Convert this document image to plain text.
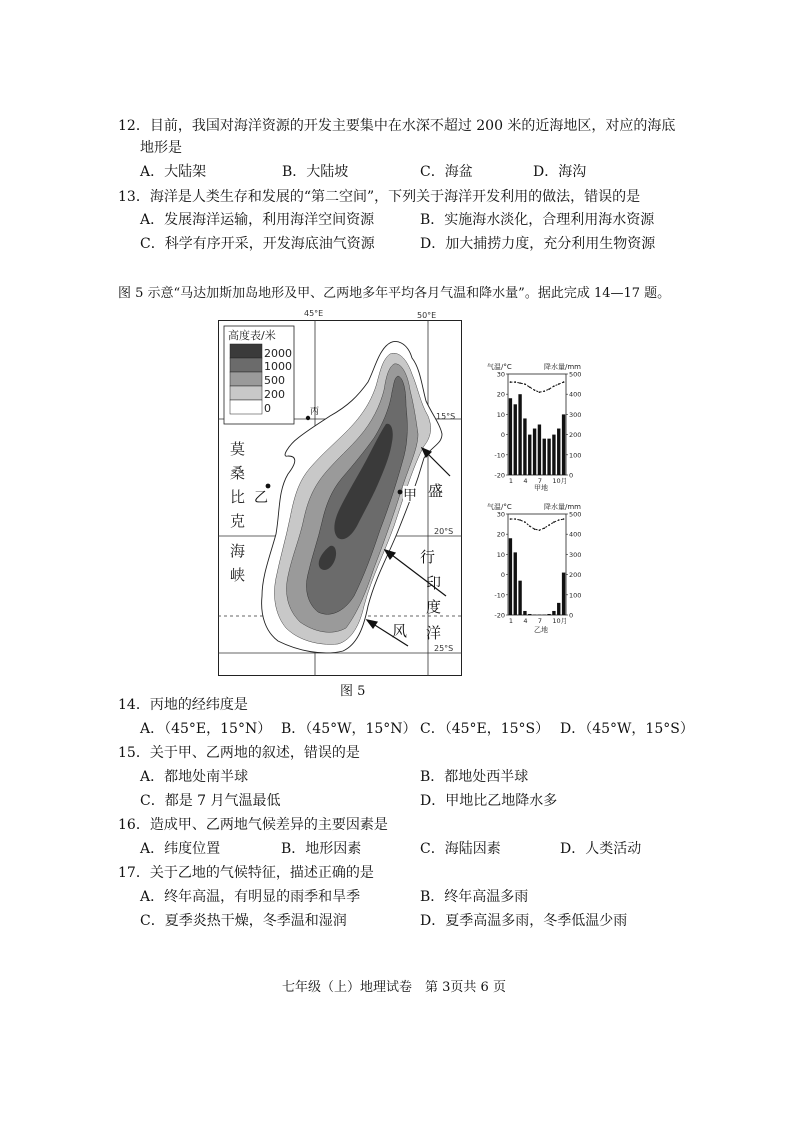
12．目前，我国对海洋资源的开发主要集中在水深不超过 200 米的近海地区，对应的海底
地形是
A．大陆架	B．大陆坡	C．海盆	D．海沟
13．海洋是人类生存和发展的“第二空间”，下列关于海洋开发利用的做法，错误的是
A．发展海洋运输，利用海洋空间资源	B．实施海水淡化，合理利用海水资源
C．科学有序开采，开发海底油气资源	D．加大捕捞力度，充分利用生物资源
图 5 示意“马达加斯加岛地形及甲、乙两地多年平均各月气温和降水量”。据此完成 14—17 题。
45°E	50°E
15°S
20°S
25°S
高度表/米
2000
1000
500
200
0
莫
桑
比
克
海
峡
丙
乙	甲 盛
行
风
印
度
洋
气温/°C	降水量/mm
30
20
10
0
-10
-20
500
400
300
200
100
0
1 4 7 10月
甲地
气温/°C	降水量/mm
30
20
10
0
-10
-20
500
400
300
200
100
0
1 4 7 10月
乙地
图 5
14．丙地的经纬度是
A．（45°E，15°N） B．（45°W，15°N） C．（45°E，15°S） D．（45°W，15°S）
15．关于甲、乙两地的叙述，错误的是
A．都地处南半球	B．都地处西半球
C．都是 7 月气温最低	D．甲地比乙地降水多
16．造成甲、乙两地气候差异的主要因素是
A．纬度位置	B．地形因素	C．海陆因素	D．人类活动
17．关于乙地的气候特征，描述正确的是
A．终年高温，有明显的雨季和旱季	B．终年高温多雨
C．夏季炎热干燥，冬季温和湿润	D．夏季高温多雨，冬季低温少雨
七年级（上）地理试卷　第 3页共 6 页
